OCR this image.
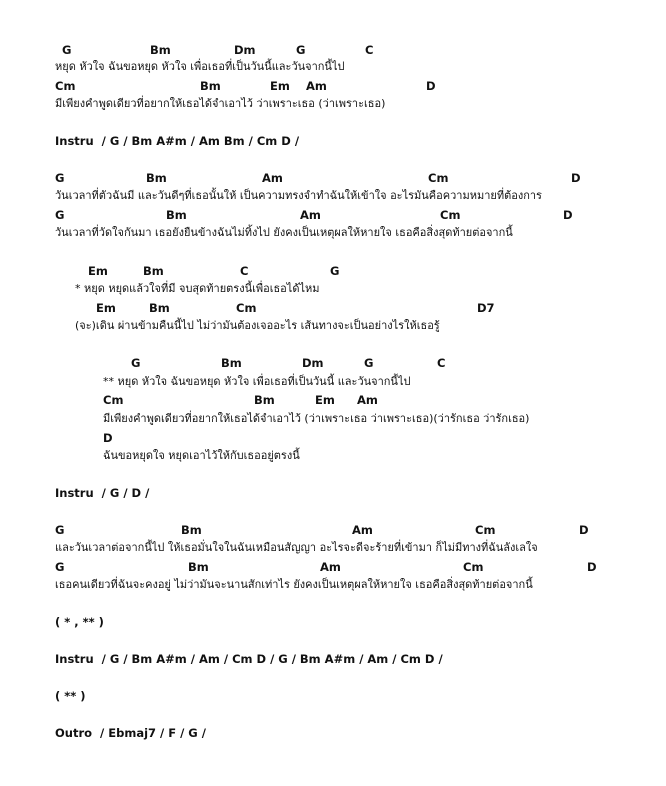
G	Bm	Dm	G	C
หยุด หัวใจ ฉันขอหยุด หัวใจ เพื่อเธอที่เป็นวันนี้และวันจากนี้ไป
Cm	Bm	Em Am	D
มีเพียงคำพูดเดียวที่อยากให้เธอได้จำเอาไว้ ว่าเพราะเธอ (ว่าเพราะเธอ)
Instru  / G / Bm A#m / Am Bm / Cm D /
G	Bm	Am	Cm	D
วันเวลาที่ตัวฉันมี และวันดีๆที่เธอนั้นให้ เป็นความทรงจำทำฉันให้เข้าใจ อะไรมันคือความหมายที่ต้องการ
G	Bm	Am	Cm	D
วันเวลาที่วัดใจกันมา เธอยังยืนข้างฉันไม่ทิ้งไป ยังคงเป็นเหตุผลให้หายใจ เธอคือสิ่งสุดท้ายต่อจากนี้
Em	Bm	C	G
* หยุด หยุดแล้วใจที่มี จบสุดท้ายตรงนี้เพื่อเธอได้ไหม
Em	Bm	Cm	D7
(จะ)เดิน ผ่านข้ามคืนนี้ไป ไม่ว่ามันต้องเจออะไร เส้นทางจะเป็นอย่างไรให้เธอรู้
G	Bm	Dm	G	C
** หยุด หัวใจ ฉันขอหยุด หัวใจ เพื่อเธอที่เป็นวันนี้ และวันจากนี้ไป
Cm	Bm	Em Am
มีเพียงคำพูดเดียวที่อยากให้เธอได้จำเอาไว้ (ว่าเพราะเธอ ว่าเพราะเธอ)(ว่ารักเธอ ว่ารักเธอ)
D
ฉันขอหยุดใจ หยุดเอาไว้ให้กับเธออยู่ตรงนี้
Instru  / G / D /
G	Bm	Am	Cm	D
และวันเวลาต่อจากนี้ไป ให้เธอมั่นใจในฉันเหมือนสัญญา อะไรจะดีจะร้ายที่เข้ามา ก็ไม่มีทางที่ฉันลังเลใจ
G	Bm	Am	Cm	D
เธอคนเดียวที่ฉันจะคงอยู่ ไม่ว่ามันจะนานสักเท่าไร ยังคงเป็นเหตุผลให้หายใจ เธอคือสิ่งสุดท้ายต่อจากนี้
( * , ** )
Instru  / G / Bm A#m / Am / Cm D / G / Bm A#m / Am / Cm D /
( ** )
Outro  / Ebmaj7 / F / G /
